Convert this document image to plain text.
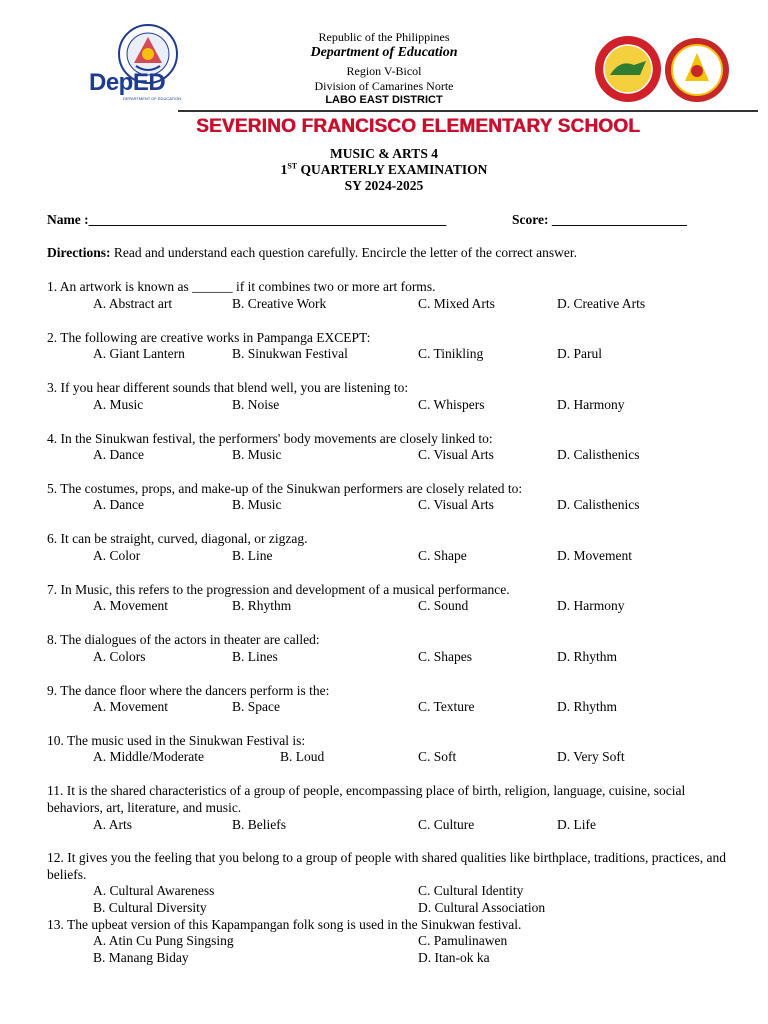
DepED
DEPARTMENT OF EDUCATION
Republic of the Philippines
Department of Education
Region V-Bicol
Division of Camarines Norte
LABO EAST DISTRICT
SEVERINO FRANCISCO ELEMENTARY SCHOOL
MUSIC & ARTS 4
1ST QUARTERLY EXAMINATION
SY 2024-2025
Name :_____________________________________________________	Score: ____________________
Directions: Read and understand each question carefully. Encircle the letter of the correct answer.
1. An artwork is known as ______ if it combines two or more art forms.
A. Abstract art	B. Creative Work	C. Mixed Arts	D. Creative Arts
2. The following are creative works in Pampanga EXCEPT:
A. Giant Lantern	B. Sinukwan Festival	C. Tinikling	D. Parul
3. If you hear different sounds that blend well, you are listening to:
A. Music	B. Noise	C. Whispers	D. Harmony
4. In the Sinukwan festival, the performers' body movements are closely linked to:
A. Dance	B. Music	C. Visual Arts	D. Calisthenics
5. The costumes, props, and make-up of the Sinukwan performers are closely related to:
A. Dance	B. Music	C. Visual Arts	D. Calisthenics
6. It can be straight, curved, diagonal, or zigzag.
A. Color	B. Line	C. Shape	D. Movement
7. In Music, this refers to the progression and development of a musical performance.
A. Movement	B. Rhythm	C. Sound	D. Harmony
8. The dialogues of the actors in theater are called:
A. Colors	B. Lines	C. Shapes	D. Rhythm
9. The dance floor where the dancers perform is the:
A. Movement	B. Space	C. Texture	D. Rhythm
10. The music used in the Sinukwan Festival is:
A. Middle/Moderate	B. Loud	C. Soft	D. Very Soft
11. It is the shared characteristics of a group of people, encompassing place of birth, religion, language, cuisine, social behaviors, art, literature, and music.
A. Arts	B. Beliefs	C. Culture	D. Life
12. It gives you the feeling that you belong to a group of people with shared qualities like birthplace, traditions, practices, and beliefs.
A. Cultural Awareness	C. Cultural Identity
B. Cultural Diversity	D. Cultural Association
13. The upbeat version of this Kapampangan folk song is used in the Sinukwan festival.
A. Atin Cu Pung Singsing	C. Pamulinawen
B. Manang Biday	D. Itan-ok ka
